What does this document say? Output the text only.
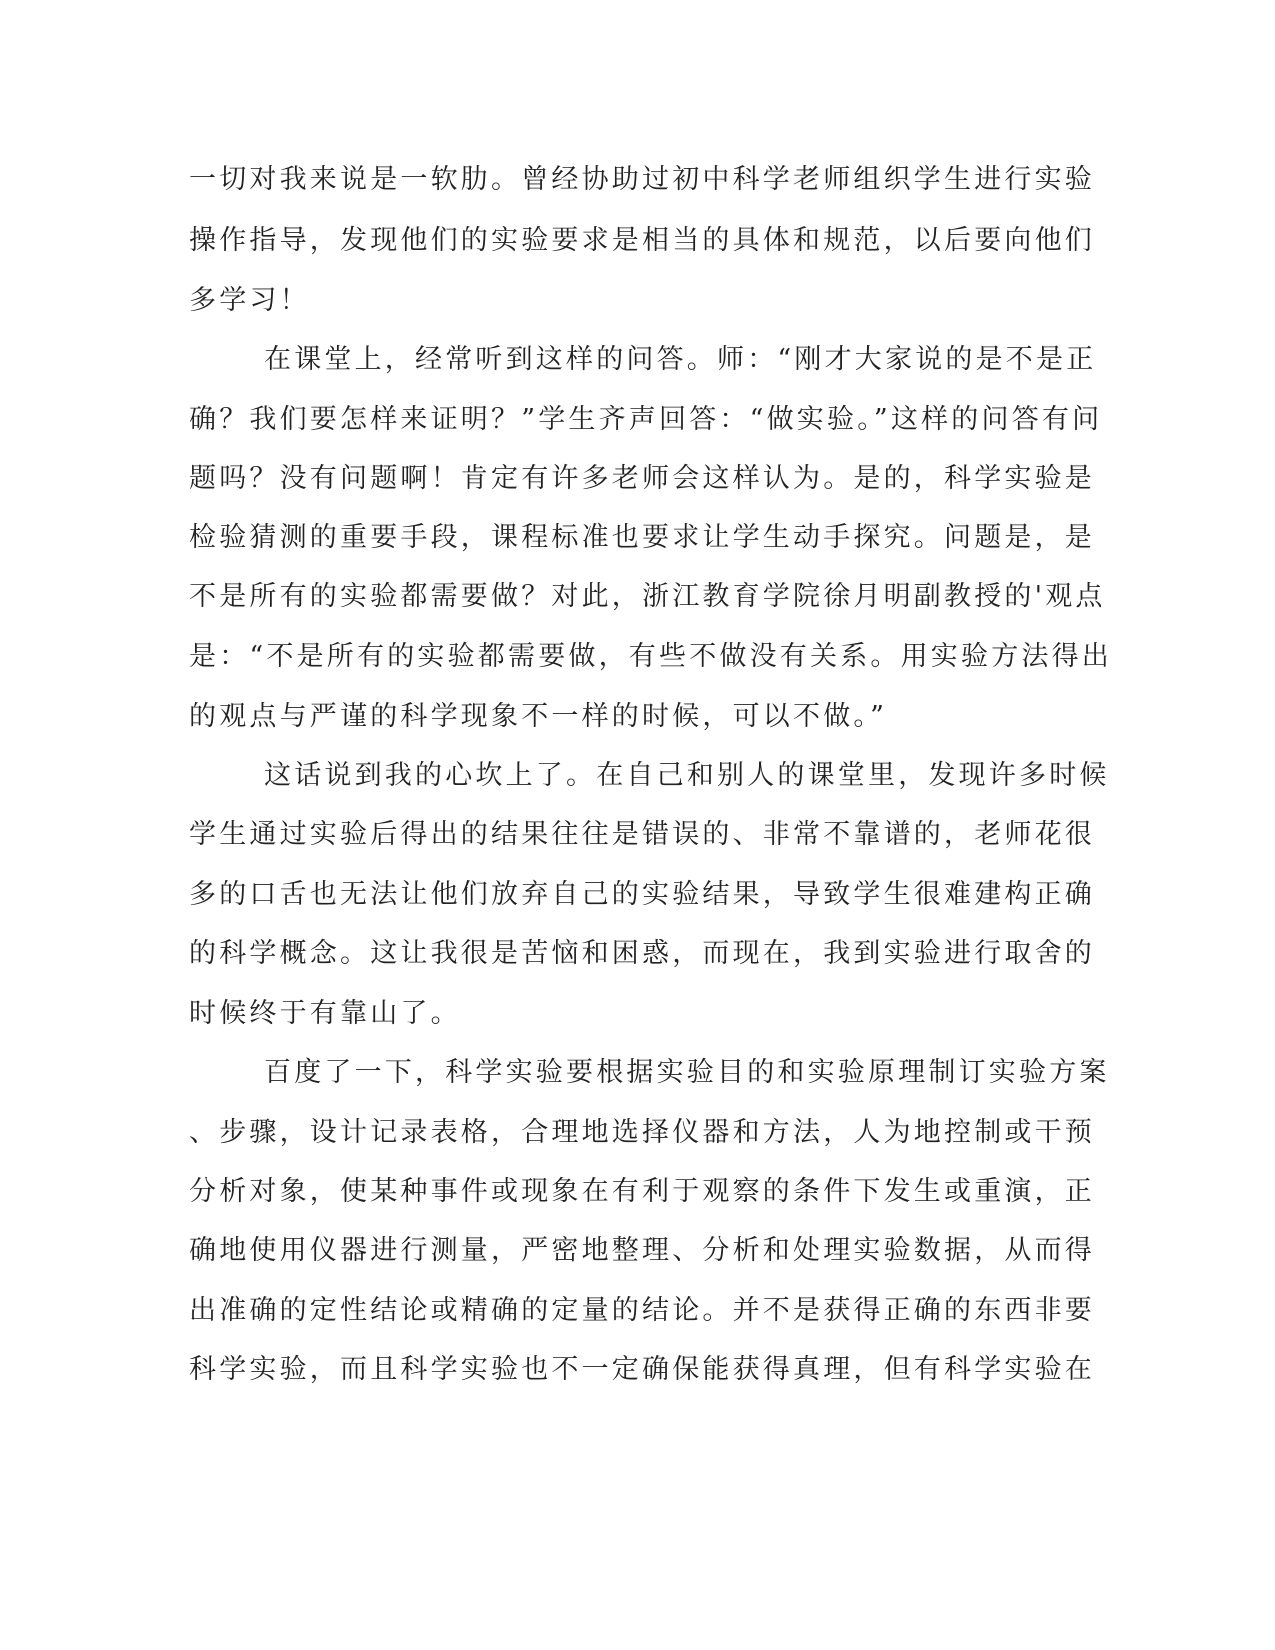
一切对我来说是一软肋。曾经协助过初中科学老师组织学生进行实验
操作指导，发现他们的实验要求是相当的具体和规范，以后要向他们
多学习！
在课堂上，经常听到这样的问答。师：“刚才大家说的是不是正
确？我们要怎样来证明？”学生齐声回答：“做实验。”这样的问答有问
题吗？没有问题啊！肯定有许多老师会这样认为。是的，科学实验是
检验猜测的重要手段，课程标准也要求让学生动手探究。问题是，是
不是所有的实验都需要做？对此，浙江教育学院徐月明副教授的'观点
是：“不是所有的实验都需要做，有些不做没有关系。用实验方法得出
的观点与严谨的科学现象不一样的时候，可以不做。”
这话说到我的心坎上了。在自己和别人的课堂里，发现许多时候
学生通过实验后得出的结果往往是错误的、非常不靠谱的，老师花很
多的口舌也无法让他们放弃自己的实验结果，导致学生很难建构正确
的科学概念。这让我很是苦恼和困惑，而现在，我到实验进行取舍的
时候终于有靠山了。
百度了一下，科学实验要根据实验目的和实验原理制订实验方案
、步骤，设计记录表格，合理地选择仪器和方法，人为地控制或干预
分析对象，使某种事件或现象在有利于观察的条件下发生或重演，正
确地使用仪器进行测量，严密地整理、分析和处理实验数据，从而得
出准确的定性结论或精确的定量的结论。并不是获得正确的东西非要
科学实验，而且科学实验也不一定确保能获得真理，但有科学实验在
